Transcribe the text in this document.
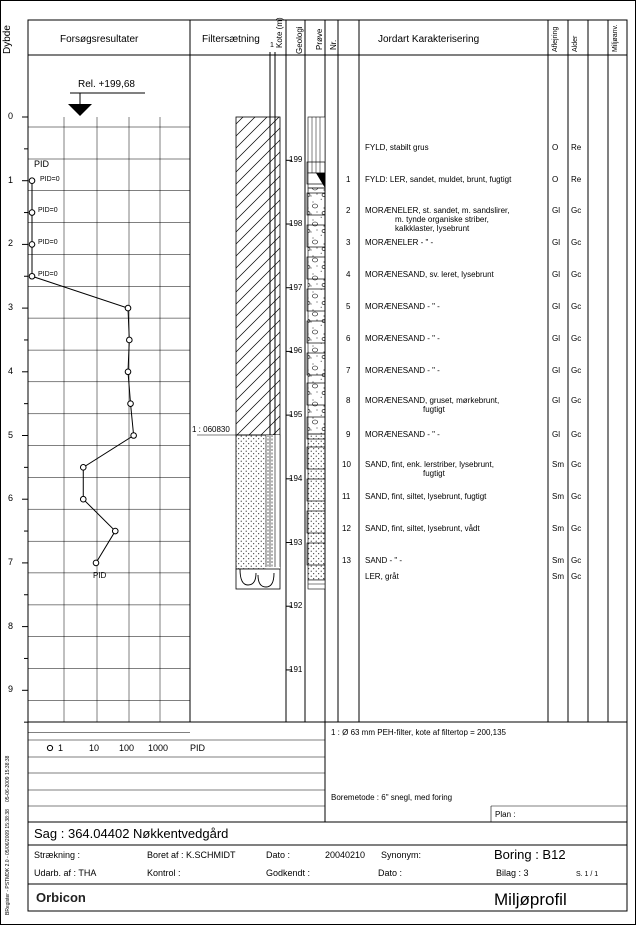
Dybde	Forsøgsresultater	Filtersætning
1 Kote (m) Geologi Prøve Nr.	Jordart Karakterisering	Aflejring Alder	Miljøanv.
Rel. +199,68
PID
PID
PID=0
PID=0
PID=0
PID=0
0
1
2
3
4
5
6
7
8
9
199
198
197
196
195
194
193
192
191
1 : 060830
FYLD, stabilt grus	O Re
1 FYLD: LER, sandet, muldet, brunt, fugtigt	O Re
2 MORÆNELER, st. sandet, m. sandslirer,
m. tynde organiske striber,
kalkklaster, lysebrunt
Gl Gc
3 MORÆNELER - " -	Gl Gc
4 MORÆNESAND, sv. leret, lysebrunt	Gl Gc
5 MORÆNESAND - " -	Gl Gc
6 MORÆNESAND - " -	Gl Gc
7 MORÆNESAND - " -	Gl Gc
8 MORÆNESAND, gruset, mørkebrunt,
fugtigt
Gl Gc
9 MORÆNESAND - " -	Gl Gc
10 SAND, fint, enk. lerstriber, lysebrunt,
fugtigt
Sm Gc
11 SAND, fint, siltet, lysebrunt, fugtigt	Sm Gc
12 SAND, fint, siltet, lysebrunt, vådt	Sm Gc
13 SAND - " -	Sm Gc
LER, gråt	Sm Gc
1 : Ø 63 mm PEH-filter, kote af filtertop = 200,135
Boremetode : 6" snegl, med foring
Plan :
1	10 100 1000 PID
05-06-2009 15:38:38
BRegister - PSTMDK 2.0 - 05/06/2009 15:38:38 Sag : 364.04402 Nøkkentvedgård
Strækning :	Boret af : K.SCHMIDT	Dato :	20040210 Synonym:	Boring : B12
Udarb. af : THA	Kontrol :	Godkendt :	Dato :	Bilag : 3	S. 1 / 1
Orbicon	Miljøprofil
